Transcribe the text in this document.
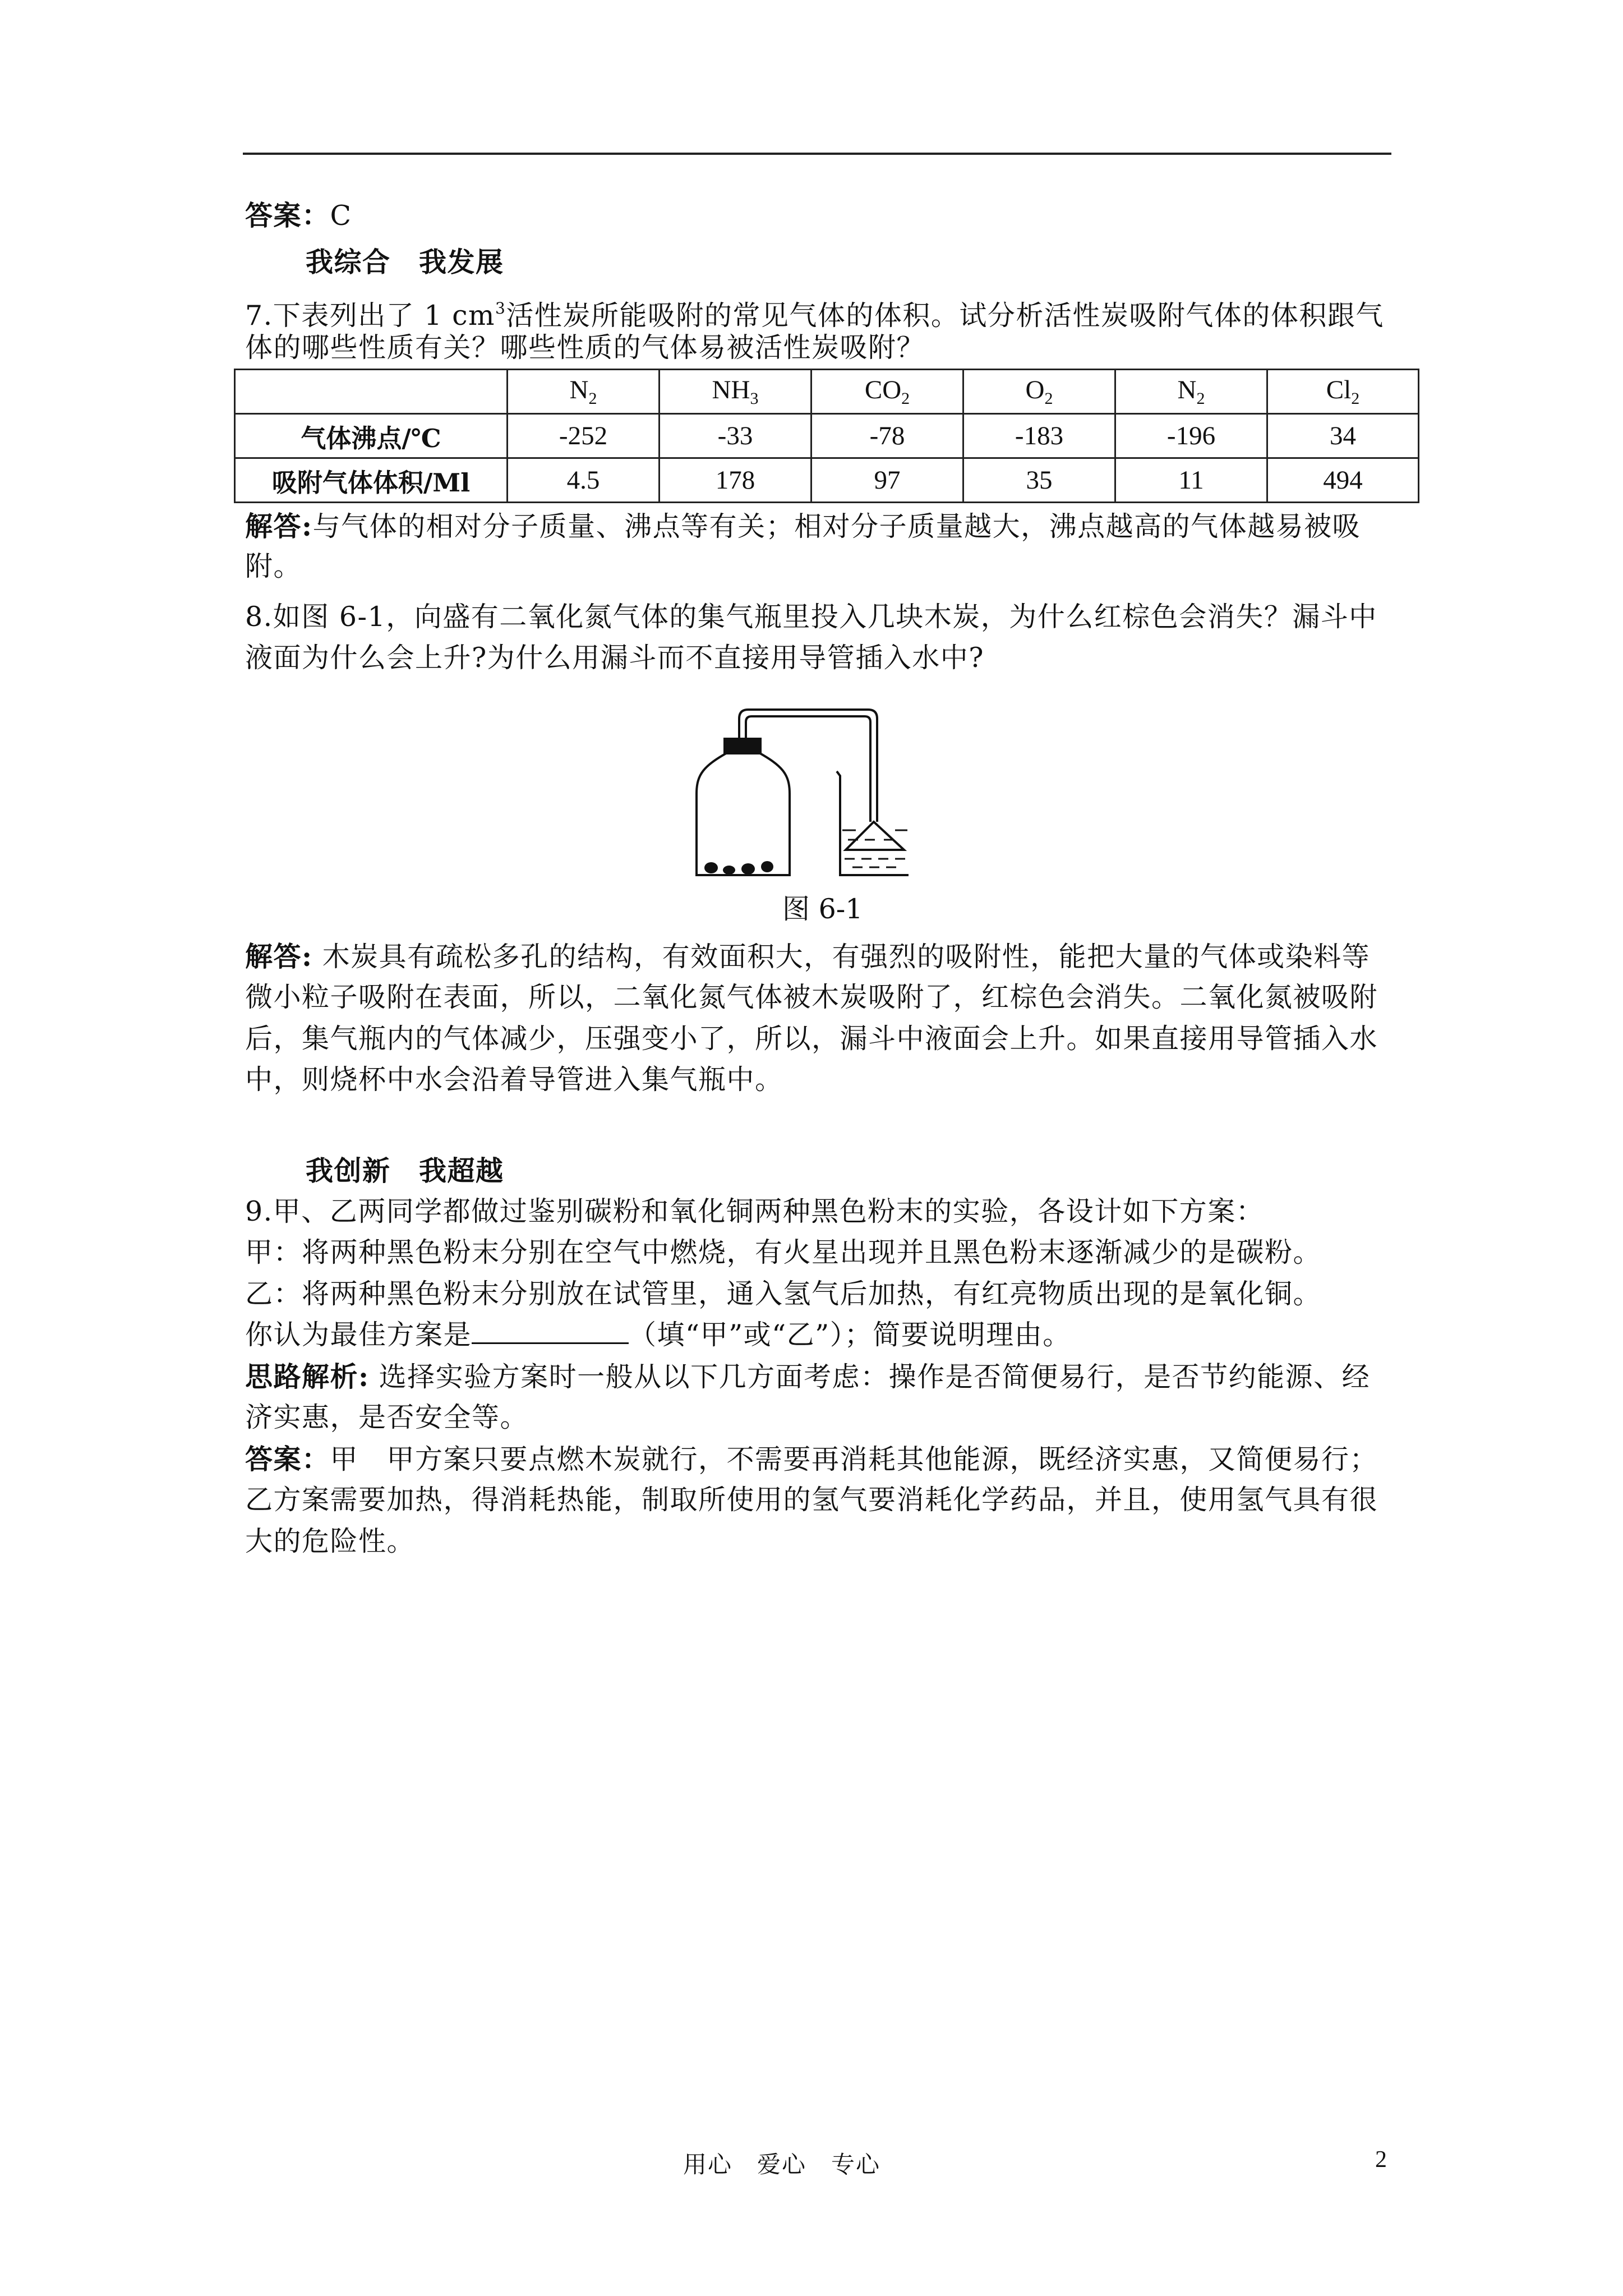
答案：C
我综合　我发展
7.下表列出了 1 $cm^3$活性炭所能吸附的常见气体的体积。试分析活性炭吸附气体的体积跟气
体的哪些性质有关？哪些性质的气体易被活性炭吸附？
	$N_2$	$NH_3$	$CO_2$	$O_2$	$N_2$	$Cl_2$
气体沸点/℃	-252	-33	-78	-183	-196	34
吸附气体体积/Ml	4.5	178	97	35	11	494
解答:与气体的相对分子质量、沸点等有关；相对分子质量越大，沸点越高的气体越易被吸
附。
8.如图 6-1，向盛有二氧化氮气体的集气瓶里投入几块木炭，为什么红棕色会消失？漏斗中
液面为什么会上升?为什么用漏斗而不直接用导管插入水中?
图 6-1
解答: 木炭具有疏松多孔的结构，有效面积大，有强烈的吸附性，能把大量的气体或染料等
微小粒子吸附在表面，所以，二氧化氮气体被木炭吸附了，红棕色会消失。二氧化氮被吸附
后，集气瓶内的气体减少，压强变小了，所以，漏斗中液面会上升。如果直接用导管插入水
中，则烧杯中水会沿着导管进入集气瓶中。
我创新　我超越
9.甲、乙两同学都做过鉴别碳粉和氧化铜两种黑色粉末的实验，各设计如下方案：
甲：将两种黑色粉末分别在空气中燃烧，有火星出现并且黑色粉末逐渐减少的是碳粉。
乙：将两种黑色粉末分别放在试管里，通入氢气后加热，有红亮物质出现的是氧化铜。
你认为最佳方案是	（填“甲”或“乙”）；简要说明理由。
思路解析: 选择实验方案时一般从以下几方面考虑：操作是否简便易行，是否节约能源、经
济实惠，是否安全等。
答案：甲　甲方案只要点燃木炭就行，不需要再消耗其他能源，既经济实惠，又简便易行；
乙方案需要加热，得消耗热能，制取所使用的氢气要消耗化学药品，并且，使用氢气具有很
大的危险性。
用心　爱心　专心	2
